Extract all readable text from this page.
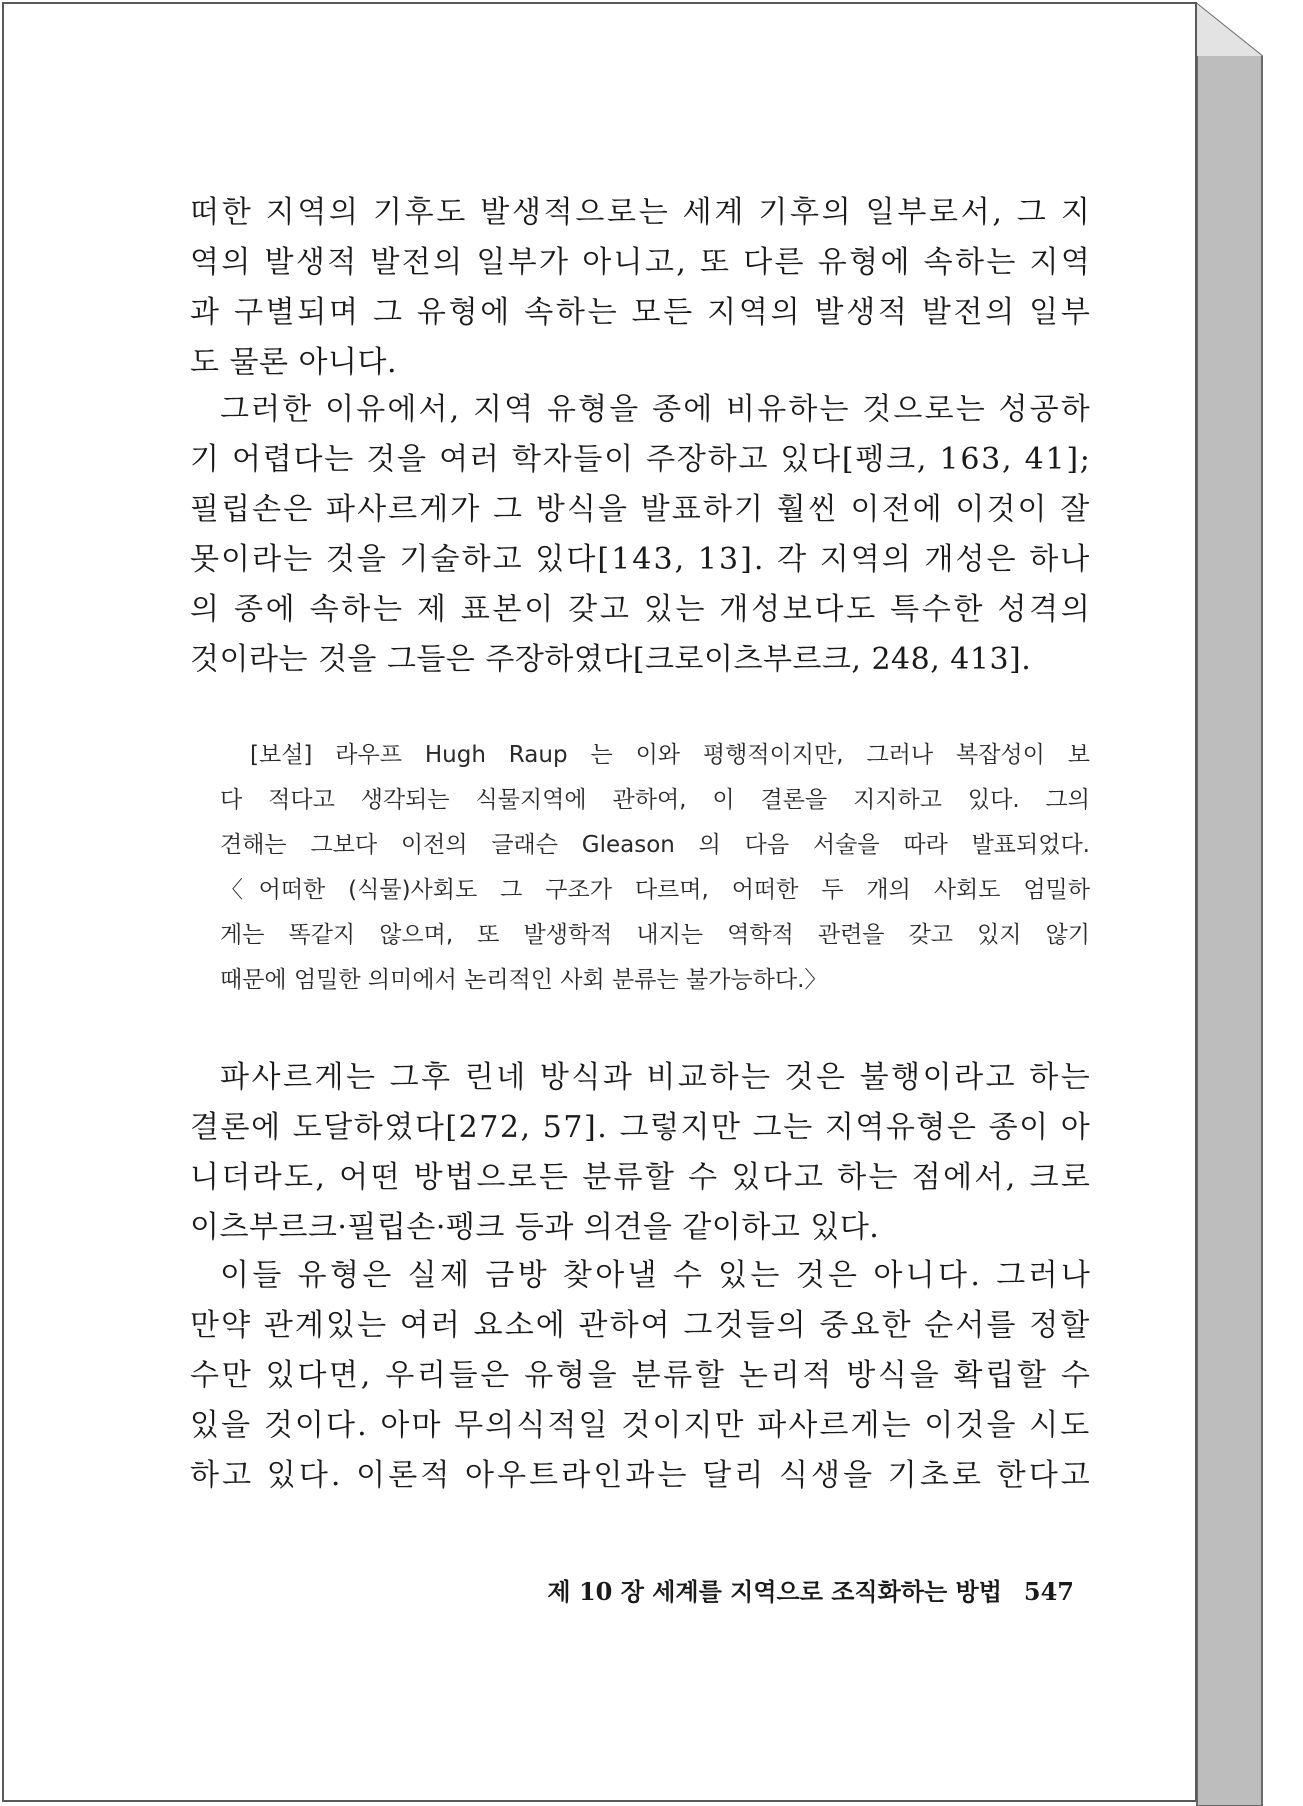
떠한 지역의 기후도 발생적으로는 세계 기후의 일부로서, 그 지
역의 발생적 발전의 일부가 아니고, 또 다른 유형에 속하는 지역
과 구별되며 그 유형에 속하는 모든 지역의 발생적 발전의 일부
도 물론 아니다.
그러한 이유에서, 지역 유형을 종에 비유하는 것으로는 성공하
기 어렵다는 것을 여러 학자들이 주장하고 있다[펭크, 163, 41];
필립손은 파사르게가 그 방식을 발표하기 훨씬 이전에 이것이 잘
못이라는 것을 기술하고 있다[143, 13]. 각 지역의 개성은 하나
의 종에 속하는 제 표본이 갖고 있는 개성보다도 특수한 성격의
것이라는 것을 그들은 주장하였다[크로이츠부르크, 248, 413].
[보설] 라우프 Hugh Raup 는 이와 평행적이지만, 그러나 복잡성이 보
다 적다고 생각되는 식물지역에 관하여, 이 결론을 지지하고 있다. 그의
견해는 그보다 이전의 글래슨 Gleason 의 다음 서술을 따라 발표되었다.
〈어떠한 (식물)사회도 그 구조가 다르며, 어떠한 두 개의 사회도 엄밀하
게는 똑같지 않으며, 또 발생학적 내지는 역학적 관련을 갖고 있지 않기
때문에 엄밀한 의미에서 논리적인 사회 분류는 불가능하다.〉
파사르게는 그후 린네 방식과 비교하는 것은 불행이라고 하는
결론에 도달하였다[272, 57]. 그렇지만 그는 지역유형은 종이 아
니더라도, 어떤 방법으로든 분류할 수 있다고 하는 점에서, 크로
이츠부르크·필립손·펭크 등과 의견을 같이하고 있다.
이들 유형은 실제 금방 찾아낼 수 있는 것은 아니다. 그러나
만약 관계있는 여러 요소에 관하여 그것들의 중요한 순서를 정할
수만 있다면, 우리들은 유형을 분류할 논리적 방식을 확립할 수
있을 것이다. 아마 무의식적일 것이지만 파사르게는 이것을 시도
하고 있다. 이론적 아우트라인과는 달리 식생을 기초로 한다고
제 10 장 세계를 지역으로 조직화하는 방법 547
